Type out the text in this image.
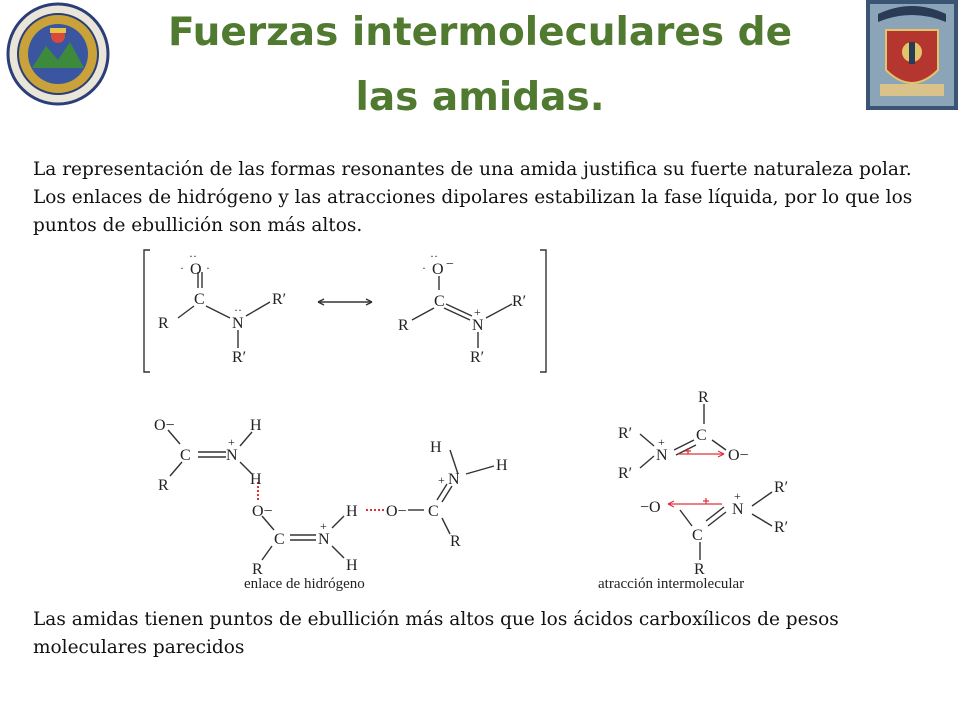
Fuerzas intermoleculares de las amidas.
La representación de las formas resonantes de una amida justifica su fuerte naturaleza polar. Los enlaces de hidrógeno y las atracciones dipolares estabilizan la fase líquida, por lo que los puntos de ebullición son más altos.
O
··
· ·
C
R	N
··
R′
R′
O
··
· −
C
R	N
+
R′
R′
O−
C
R
N
+
H
H
O−
C
R
N
+
H
H
O− C
R
N
+
H
H
R
C
R′
R′
N
+
O−
−O
C
R
N
+ R′
R′
enlace de hidrógeno	atracción intermolecular
Las amidas tienen puntos de ebullición más altos que los ácidos carboxílicos de pesos moleculares parecidos
